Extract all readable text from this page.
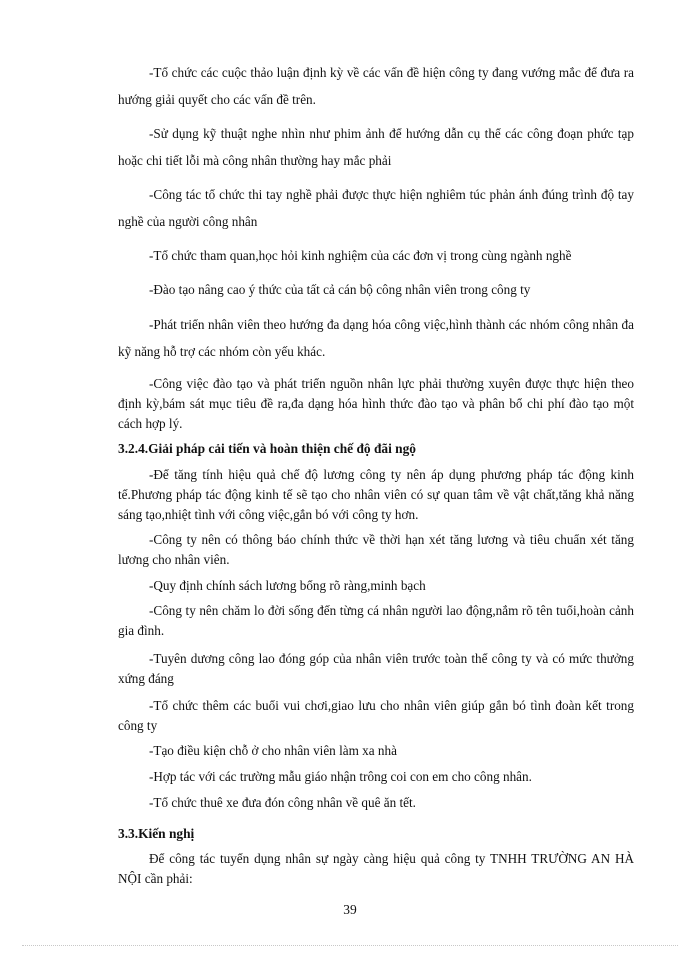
-Tổ chức các cuộc thảo luận định kỳ về các vấn đề hiện công ty đang vướng mắc để đưa ra hướng giải quyết cho các vấn đề trên.

-Sử dụng kỹ thuật nghe nhìn như phim ảnh để hướng dẫn cụ thể các công đoạn phức tạp hoặc chi tiết lỗi mà công nhân thường hay mắc phải

-Công tác tổ chức thi tay nghề phải được thực hiện nghiêm túc phản ánh đúng trình độ tay nghề của người công nhân

-Tổ chức tham quan,học hỏi kinh nghiệm của các đơn vị trong cùng ngành nghề

-Đào tạo nâng cao ý thức của tất cả cán bộ công nhân viên trong công ty

-Phát triển nhân viên theo hướng đa dạng hóa công việc,hình thành các nhóm công nhân đa kỹ năng hỗ trợ các nhóm còn yếu khác.

-Công việc đào tạo và phát triển nguồn nhân lực phải thường xuyên được thực hiện theo định kỳ,bám sát mục tiêu đề ra,đa dạng hóa hình thức đào tạo và phân bổ chi phí đào tạo một cách hợp lý.

3.2.4.Giải pháp cải tiến và hoàn thiện chế độ đãi ngộ

-Để tăng tính hiệu quả chế độ lương công ty nên áp dụng phương pháp tác động kinh tế.Phương pháp tác động kinh tế sẽ tạo cho nhân viên có sự quan tâm về vật chất,tăng khả năng sáng tạo,nhiệt tình với công việc,gắn bó với công ty hơn.

-Công ty nên có thông báo chính thức về thời hạn xét tăng lương và tiêu chuẩn xét tăng lương cho nhân viên.

-Quy định chính sách lương bổng rõ ràng,minh bạch

-Công ty nên chăm lo đời sống đến từng cá nhân người lao động,nắm rõ tên tuổi,hoàn cảnh gia đình.

-Tuyên dương công lao đóng góp của nhân viên trước toàn thể công ty và có mức thưởng xứng đáng

-Tổ chức thêm các buổi vui chơi,giao lưu cho nhân viên giúp gắn bó tình đoàn kết trong công ty

-Tạo điều kiện chỗ ở cho nhân viên làm xa nhà

-Hợp tác với các trường mẫu giáo nhận trông coi con em cho công nhân.

-Tổ chức thuê xe đưa đón công nhân về quê ăn tết.

3.3.Kiến nghị

Để công tác tuyển dụng nhân sự ngày càng hiệu quả công ty TNHH TRƯỜNG AN HÀ NỘI cần phải:

39
